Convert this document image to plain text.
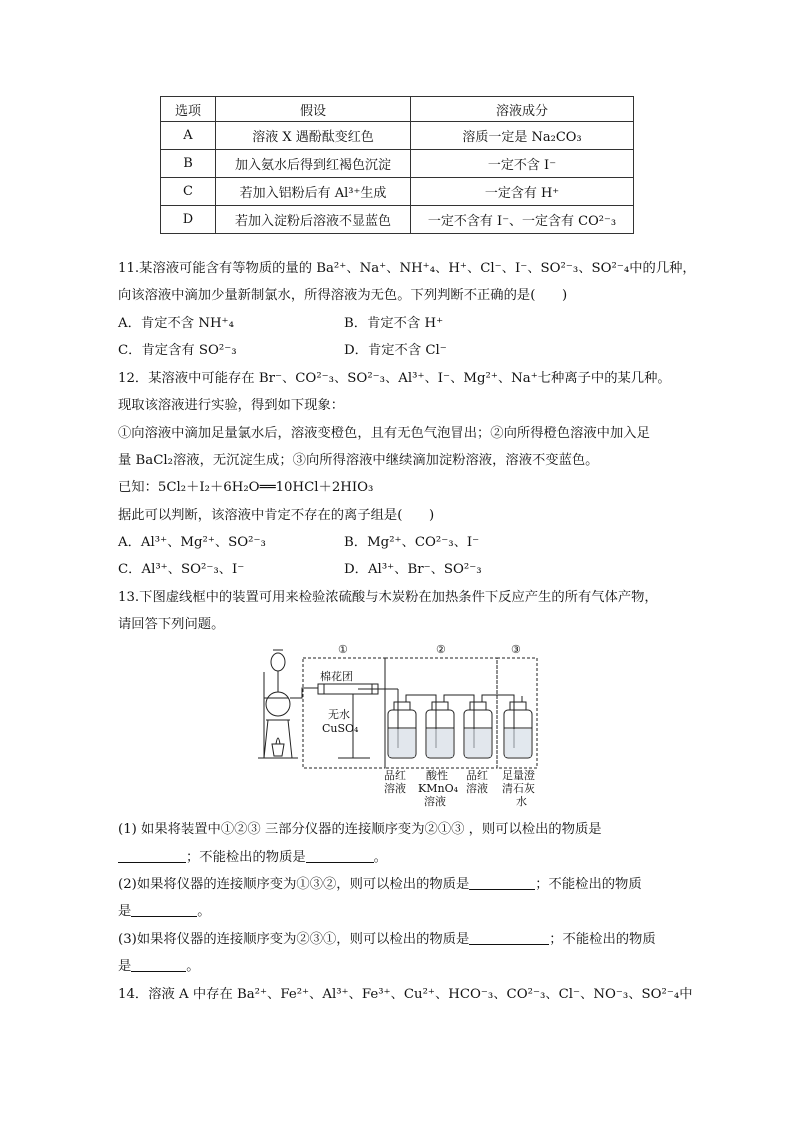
选项	假设	溶液成分
A	溶液 X 遇酚酞变红色	溶质一定是 Na₂CO₃
B	加入氨水后得到红褐色沉淀	一定不含 I⁻
C	若加入铝粉后有 Al³⁺生成	一定含有 H⁺
D	若加入淀粉后溶液不显蓝色	一定不含有 I⁻、一定含有 CO²⁻₃
11.某溶液可能含有等物质的量的 Ba²⁺、Na⁺、NH⁺₄、H⁺、Cl⁻、I⁻、SO²⁻₃、SO²⁻₄中的几种，
向该溶液中滴加少量新制氯水，所得溶液为无色。下列判断不正确的是(　　)
A．肯定不含 NH⁺₄	B．肯定不含 H⁺
C．肯定含有 SO²⁻₃	D．肯定不含 Cl⁻
12．某溶液中可能存在 Br⁻、CO²⁻₃、SO²⁻₃、Al³⁺、I⁻、Mg²⁺、Na⁺七种离子中的某几种。
现取该溶液进行实验，得到如下现象：
①向溶液中滴加足量氯水后，溶液变橙色，且有无色气泡冒出；②向所得橙色溶液中加入足
量 BaCl₂溶液，无沉淀生成；③向所得溶液中继续滴加淀粉溶液，溶液不变蓝色。
已知：5Cl₂＋I₂＋6H₂O══10HCl＋2HIO₃
据此可以判断，该溶液中肯定不存在的离子组是(　　)
A．Al³⁺、Mg²⁺、SO²⁻₃	B．Mg²⁺、CO²⁻₃、I⁻
C．Al³⁺、SO²⁻₃、I⁻	D．Al³⁺、Br⁻、SO²⁻₃
13.下图虚线框中的装置可用来检验浓硫酸与木炭粉在加热条件下反应产生的所有气体产物，
请回答下列问题。
①	②	③
棉花团
无水
CuSO₄
品红
溶液
酸性
KMnO₄
溶液
品红
溶液
足量澄
清石灰
水
(1) 如果将装置中①②③ 三部分仪器的连接顺序变为②①③ ，则可以检出的物质是
；不能检出的物质是	。
(2)如果将仪器的连接顺序变为①③②，则可以检出的物质是	；不能检出的物质
是	。
(3)如果将仪器的连接顺序变为②③①，则可以检出的物质是	；不能检出的物质
是	。
14．溶液 A 中存在 Ba²⁺、Fe²⁺、Al³⁺、Fe³⁺、Cu²⁺、HCO⁻₃、CO²⁻₃、Cl⁻、NO⁻₃、SO²⁻₄中
